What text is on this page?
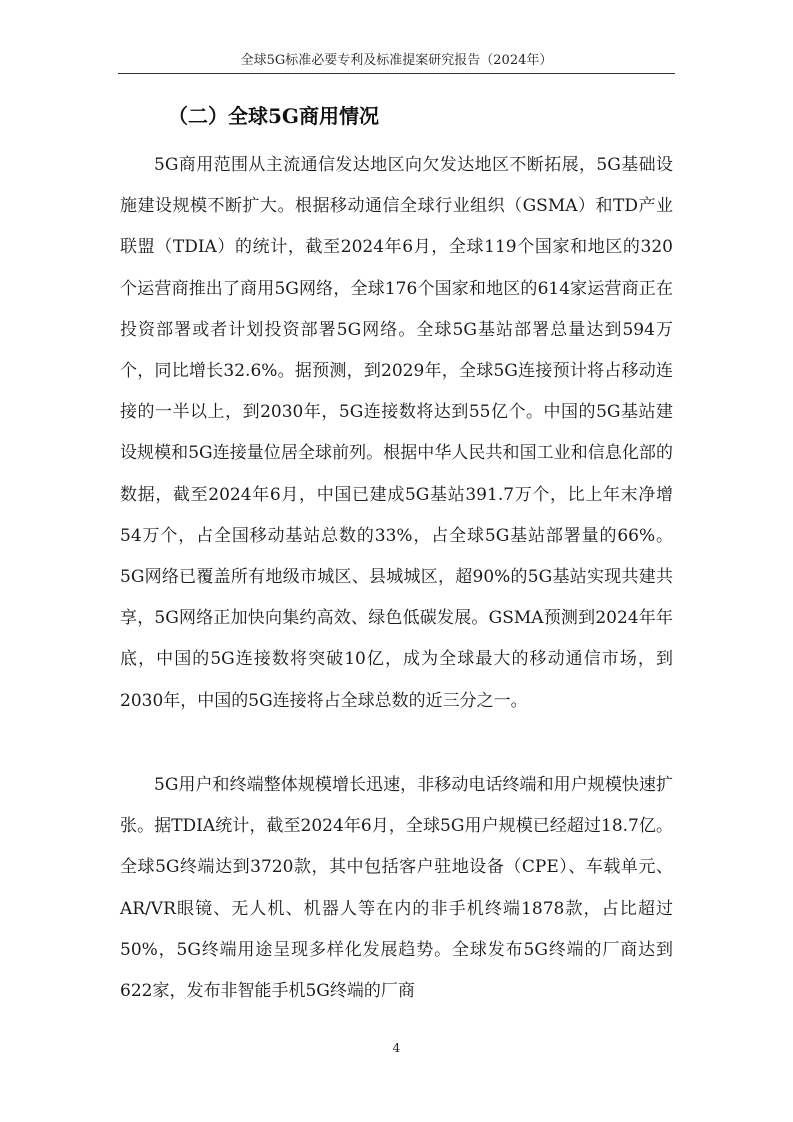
全球5G标准必要专利及标准提案研究报告（2024年）
（二）全球5G商用情况

5G商用范围从主流通信发达地区向欠发达地区不断拓展，5G基础设施建设规模不断扩大。根据移动通信全球行业组织（GSMA）和TD产业联盟（TDIA）的统计，截至2024年6月，全球119个国家和地区的320个运营商推出了商用5G网络，全球176个国家和地区的614家运营商正在投资部署或者计划投资部署5G网络。全球5G基站部署总量达到594万个，同比增长32.6%。据预测，到2029年，全球5G连接预计将占移动连接的一半以上，到2030年，5G连接数将达到55亿个。中国的5G基站建设规模和5G连接量位居全球前列。根据中华人民共和国工业和信息化部的数据，截至2024年6月，中国已建成5G基站391.7万个，比上年末净增54万个，占全国移动基站总数的33%，占全球5G基站部署量的66%。5G网络已覆盖所有地级市城区、县城城区，超90%的5G基站实现共建共享，5G网络正加快向集约高效、绿色低碳发展。GSMA预测到2024年年底，中国的5G连接数将突破10亿，成为全球最大的移动通信市场，到2030年，中国的5G连接将占全球总数的近三分之一。

5G用户和终端整体规模增长迅速，非移动电话终端和用户规模快速扩张。据TDIA统计，截至2024年6月，全球5G用户规模已经超过18.7亿。全球5G终端达到3720款，其中包括客户驻地设备（CPE）、车载单元、AR/VR眼镜、无人机、机器人等在内的非手机终端1878款，占比超过50%，5G终端用途呈现多样化发展趋势。全球发布5G终端的厂商达到622家，发布非智能手机5G终端的厂商

4
